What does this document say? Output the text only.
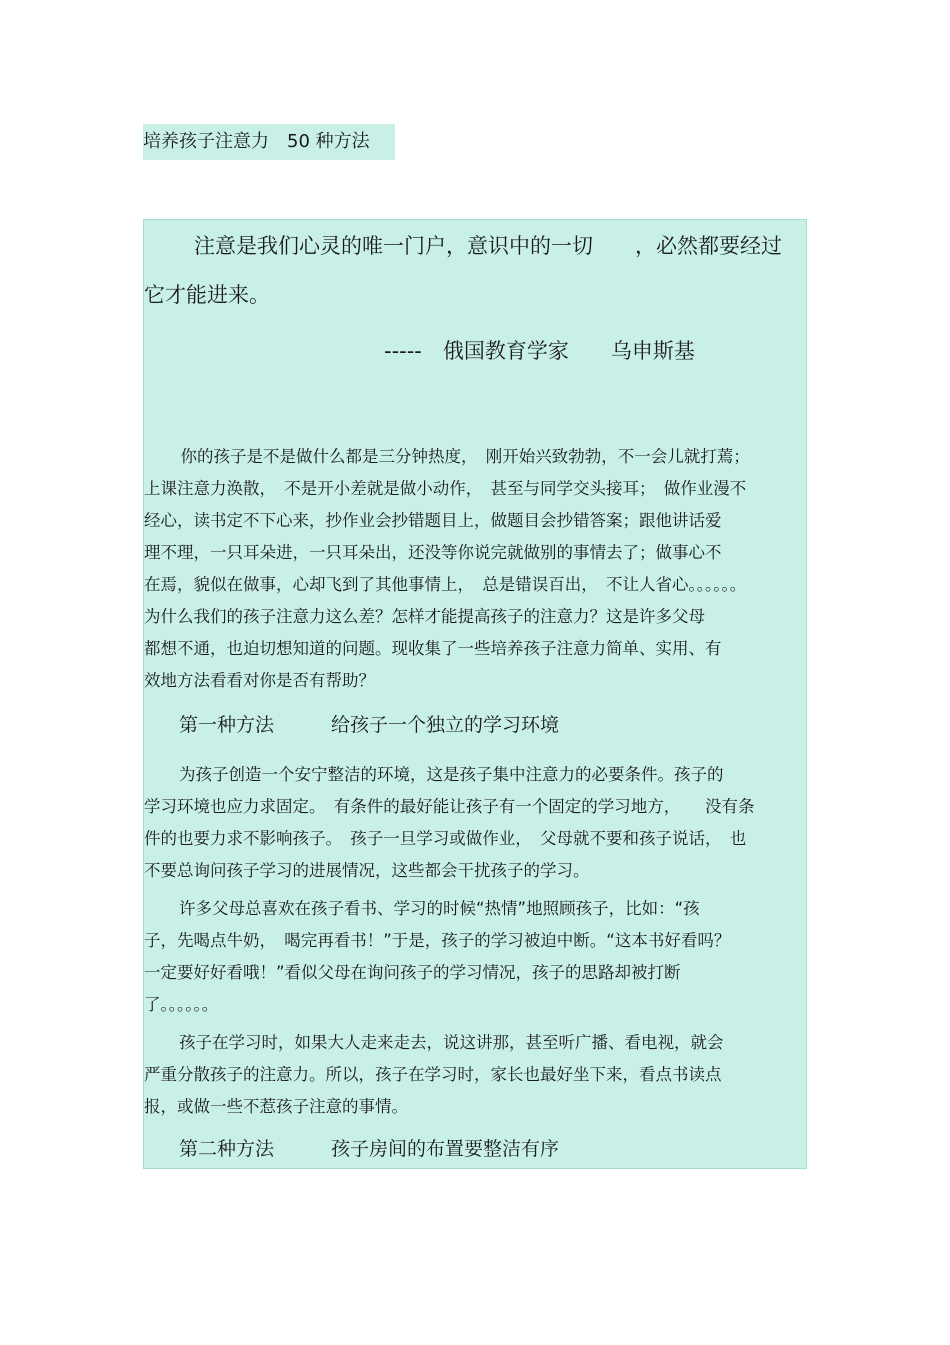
培养孩子注意力 50 种方法
注意是我们心灵的唯一门户，意识中的一切　　，必然都要经过
它才能进来。
-----　俄国教育学家　　乌申斯基
　你的孩子是不是做什么都是三分钟热度，　刚开始兴致勃勃，不一会儿就打蔫；
上课注意力涣散，　不是开小差就是做小动作，　甚至与同学交头接耳；　做作业漫不
经心，读书定不下心来，抄作业会抄错题目上，做题目会抄错答案；跟他讲话爱
理不理，一只耳朵进，一只耳朵出，还没等你说完就做别的事情去了；做事心不
在焉，貌似在做事，心却飞到了其他事情上，　总是错误百出，　不让人省心。。。。。。
为什么我们的孩子注意力这么差？怎样才能提高孩子的注意力？这是许多父母
都想不通，也迫切想知道的问题。现收集了一些培养孩子注意力简单、实用、有
效地方法看看对你是否有帮助？
第一种方法　　　给孩子一个独立的学习环境
为孩子创造一个安宁整洁的环境，这是孩子集中注意力的必要条件。孩子的
学习环境也应力求固定。　有条件的最好能让孩子有一个固定的学习地方，　　没有条
件的也要力求不影响孩子。　孩子一旦学习或做作业，　父母就不要和孩子说话，　也
不要总询问孩子学习的进展情况，这些都会干扰孩子的学习。
许多父母总喜欢在孩子看书、学习的时候“热情”地照顾孩子，比如：“孩
子，先喝点牛奶，　喝完再看书！”于是，孩子的学习被迫中断。“这本书好看吗？
一定要好好看哦！”看似父母在询问孩子的学习情况，孩子的思路却被打断
了。。。。。。
孩子在学习时，如果大人走来走去，说这讲那，甚至听广播、看电视，就会
严重分散孩子的注意力。所以，孩子在学习时，家长也最好坐下来，看点书读点
报，或做一些不惹孩子注意的事情。
第二种方法　　　孩子房间的布置要整洁有序
